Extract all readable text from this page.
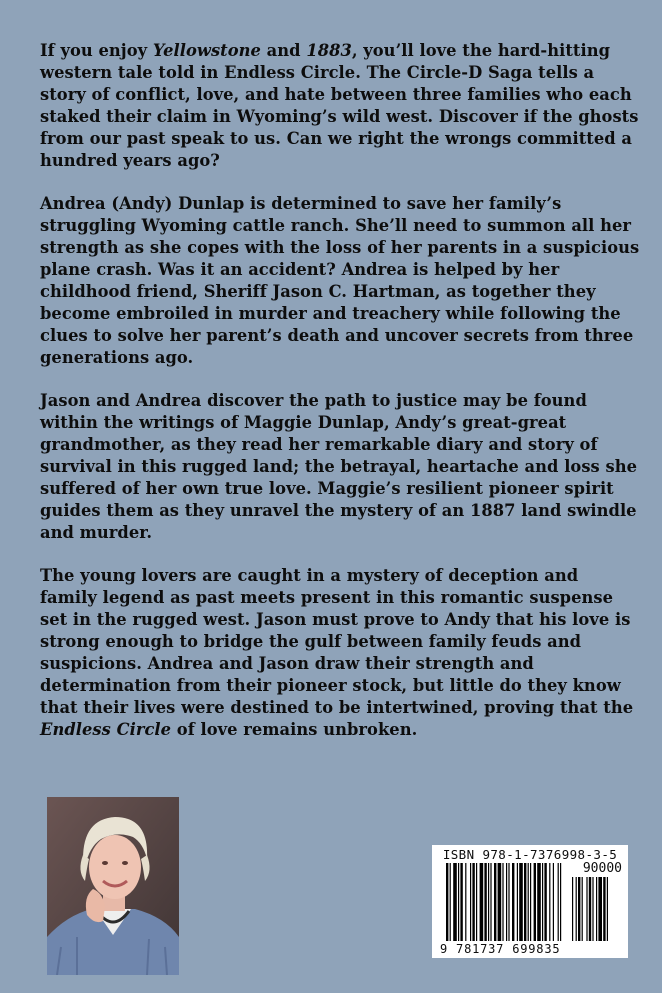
If you enjoy Yellowstone and 1883, you’ll love the hard-hitting western tale told in Endless Circle. The Circle-D Saga tells a story of conflict, love, and hate between three families who each staked their claim in Wyoming’s wild west. Discover if the ghosts from our past speak to us. Can we right the wrongs committed a hundred years ago?

Andrea (Andy) Dunlap is determined to save her family’s struggling Wyoming cattle ranch. She’ll need to summon all her strength as she copes with the loss of her parents in a suspicious plane crash. Was it an accident? Andrea is helped by her childhood friend, Sheriff Jason C. Hartman, as together they become embroiled in murder and treachery while following the clues to solve her parent’s death and uncover secrets from three generations ago.

Jason and Andrea discover the path to justice may be found within the writings of Maggie Dunlap, Andy’s great-great grandmother, as they read her remarkable diary and story of survival in this rugged land; the betrayal, heartache and loss she suffered of her own true love. Maggie’s resilient pioneer spirit guides them as they unravel the mystery of an 1887 land swindle and murder.

The young lovers are caught in a mystery of deception and family legend as past meets present in this romantic suspense set in the rugged west. Jason must prove to Andy that his love is strong enough to bridge the gulf between family feuds and suspicions. Andrea and Jason draw their strength and determination from their pioneer stock, but little do they know that their lives were destined to be intertwined, proving that the Endless Circle of love remains unbroken.

ISBN 978-1-7376998-3-5
90000
9 781737 699835
